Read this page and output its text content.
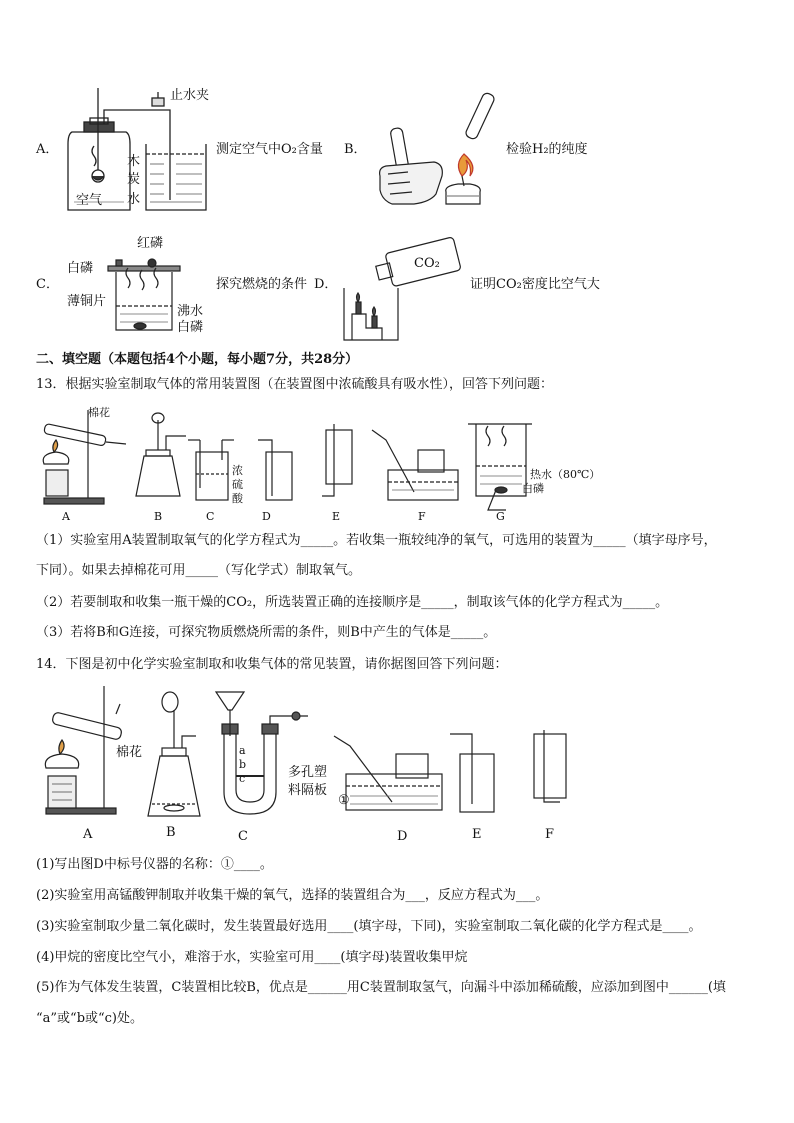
A．
止水夹
木
炭
水
空气
测定空气中O₂含量 B．	检验H₂的纯度
C．
红磷
白磷
薄铜片
沸水
白磷
探究燃烧的条件 D．
CO₂
证明CO₂密度比空气大
二、填空题（本题包括4个小题，每小题7分，共28分）
13．根据实验室制取气体的常用装置图（在装置图中浓硫酸具有吸水性），回答下列问题：
棉花
浓
硫
酸
热水（80℃）
白磷
A	B	C	D	E	F	G
（1）实验室用A装置制取氧气的化学方程式为_____。若收集一瓶较纯净的氧气，可选用的装置为_____（填字母序号，
下同）。如果去掉棉花可用_____（写化学式）制取氧气。
（2）若要制取和收集一瓶干燥的CO₂，所选装置正确的连接顺序是_____，制取该气体的化学方程式为_____。
（3）若将B和G连接，可探究物质燃烧所需的条件，则B中产生的气体是_____。
14．下图是初中化学实验室制取和收集气体的常见装置，请你据图回答下列问题：
棉花	a
b
c	多孔塑
料隔板
①
A	B	C	D	E	F
(1)写出图D中标号仪器的名称：①____。
(2)实验室用高锰酸钾制取并收集干燥的氧气，选择的装置组合为___，反应方程式为___。
(3)实验室制取少量二氧化碳时，发生装置最好选用____(填字母，下同)，实验室制取二氧化碳的化学方程式是____。
(4)甲烷的密度比空气小，难溶于水，实验室可用____(填字母)装置收集甲烷
(5)作为气体发生装置，C装置相比较B，优点是______用C装置制取氢气，向漏斗中添加稀硫酸，应添加到图中______(填
“a”或“b或“c)处。
